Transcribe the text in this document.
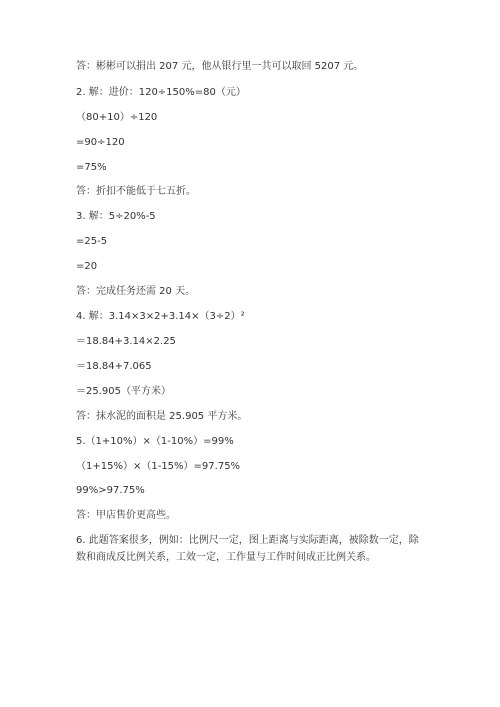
答：彬彬可以捐出 207 元，他从银行里一共可以取回 5207 元。
2. 解：进价：120÷150%=80（元）
（80+10）÷120
=90÷120
=75%
答：折扣不能低于七五折。
3. 解：5÷20%-5
=25-5
=20
答：完成任务还需 20 天。
4. 解：3.14×3×2+3.14×（3÷2）²
＝18.84+3.14×2.25
＝18.84+7.065
＝25.905（平方米）
答：抹水泥的面积是 25.905 平方米。
5.（1+10%）×（1-10%）=99%
（1+15%）×（1-15%）=97.75%
99%>97.75%
答：甲店售价更高些。
6. 此题答案很多，例如：比例尺一定，图上距离与实际距离，被除数一定，除数和商成反比例关系，工效一定，工作量与工作时间成正比例关系。
